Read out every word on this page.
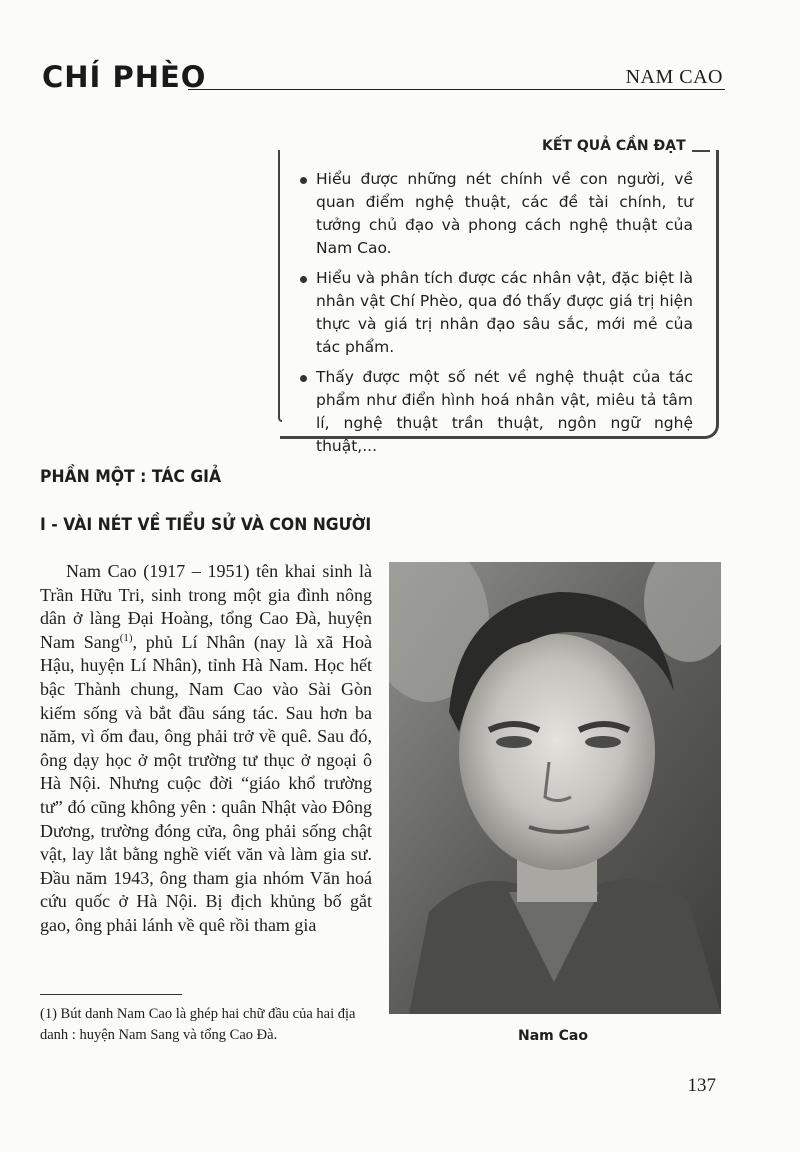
CHÍ PHÈO	NAM CAO
KẾT QUẢ CẦN ĐẠT
Hiểu được những nét chính về con người, về quan điểm nghệ thuật, các đề tài chính, tư tưởng chủ đạo và phong cách nghệ thuật của Nam Cao.
Hiểu và phân tích được các nhân vật, đặc biệt là nhân vật Chí Phèo, qua đó thấy được giá trị hiện thực và giá trị nhân đạo sâu sắc, mới mẻ của tác phẩm.
Thấy được một số nét về nghệ thuật của tác phẩm như điển hình hoá nhân vật, miêu tả tâm lí, nghệ thuật trần thuật, ngôn ngữ nghệ thuật,...
PHẦN MỘT : TÁC GIẢ
I - VÀI NÉT VỀ TIỂU SỬ VÀ CON NGƯỜI

Nam Cao (1917 – 1951) tên khai sinh là Trần Hữu Tri, sinh trong một gia đình nông dân ở làng Đại Hoàng, tổng Cao Đà, huyện Nam Sang$^{(1)}$, phủ Lí Nhân (nay là xã Hoà Hậu, huyện Lí Nhân), tỉnh Hà Nam. Học hết bậc Thành chung, Nam Cao vào Sài Gòn kiếm sống và bắt đầu sáng tác. Sau hơn ba năm, vì ốm đau, ông phải trở về quê. Sau đó, ông dạy học ở một trường tư thục ở ngoại ô Hà Nội. Nhưng cuộc đời “giáo khổ trường tư” đó cũng không yên : quân Nhật vào Đông Dương, trường đóng cửa, ông phải sống chật vật, lay lắt bằng nghề viết văn và làm gia sư. Đầu năm 1943, ông tham gia nhóm Văn hoá cứu quốc ở Hà Nội. Bị địch khủng bố gắt gao, ông phải lánh về quê rồi tham gia

Nam Cao

(1) Bút danh Nam Cao là ghép hai chữ đầu của hai địa danh : huyện Nam Sang và tổng Cao Đà.

137
